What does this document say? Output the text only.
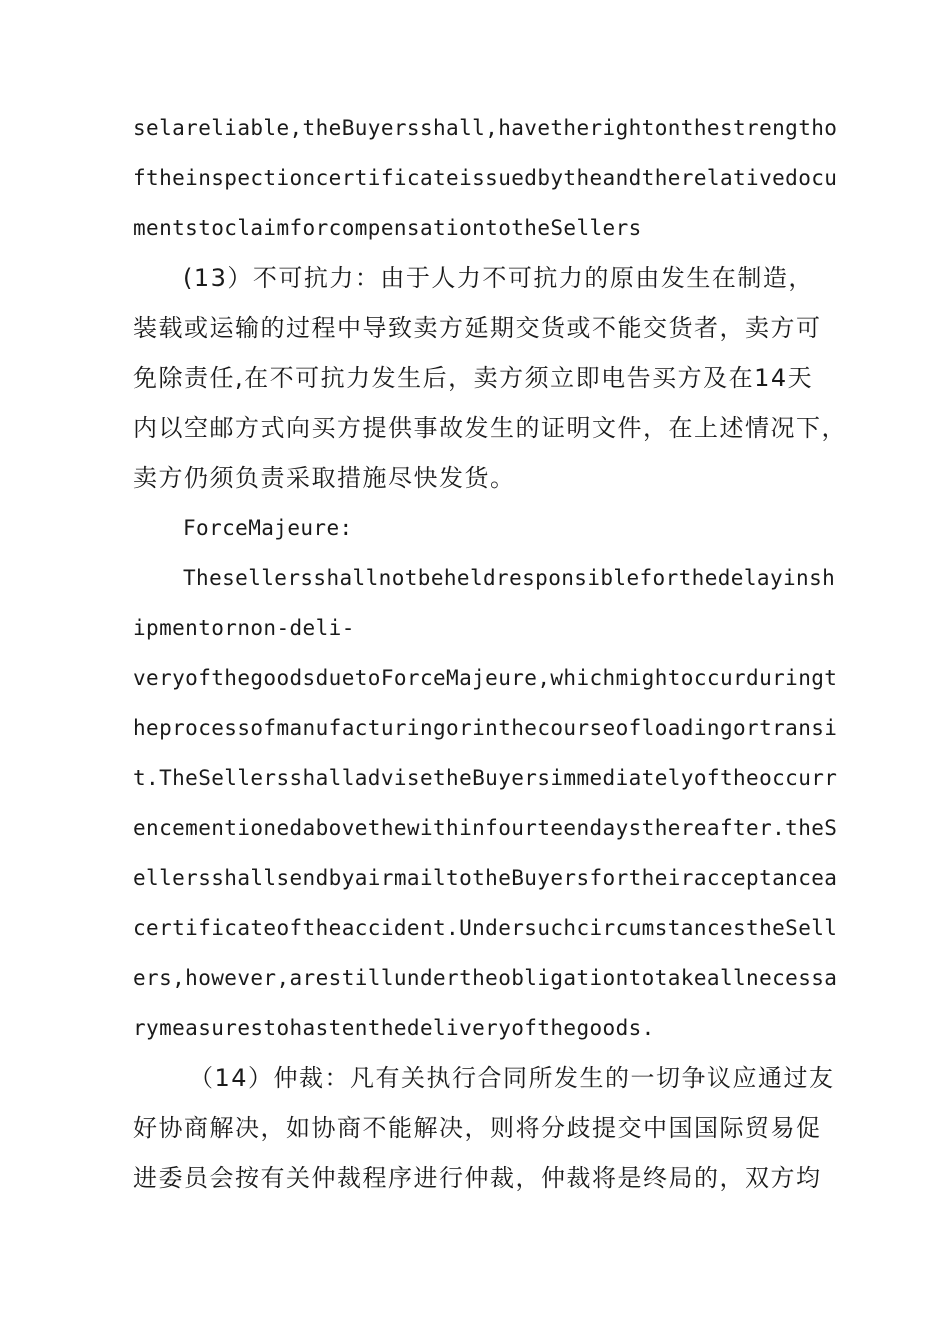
selareliable,theBuyersshall,havetherightonthestrengtho
ftheinspectioncertificateissuedbytheandtherelativedocu
mentstoclaimforcompensationtotheSellers
(13）不可抗力：由于人力不可抗力的原由发生在制造，
装载或运输的过程中导致卖方延期交货或不能交货者，卖方可
免除责任,在不可抗力发生后，卖方须立即电告买方及在14天
内以空邮方式向买方提供事故发生的证明文件，在上述情况下，
卖方仍须负责采取措施尽快发货。
ForceMajeure:
Thesellersshallnotbeheldresponsibleforthedelayinsh
ipmentornon-deli-
veryofthegoodsduetoForceMajeure,whichmightoccurduringt
heprocessofmanufacturingorinthecourseofloadingortransi
t.TheSellersshalladvisetheBuyersimmediatelyoftheoccurr
encementionedabovethewithinfourteendaysthereafter.theS
ellersshallsendbyairmailtotheBuyersfortheiracceptancea
certificateoftheaccident.UndersuchcircumstancestheSell
ers,however,arestillundertheobligationtotakeallnecessa
rymeasurestohastenthedeliveryofthegoods.
（14）仲裁：凡有关执行合同所发生的一切争议应通过友
好协商解决，如协商不能解决，则将分歧提交中国国际贸易促
进委员会按有关仲裁程序进行仲裁，仲裁将是终局的，双方均
